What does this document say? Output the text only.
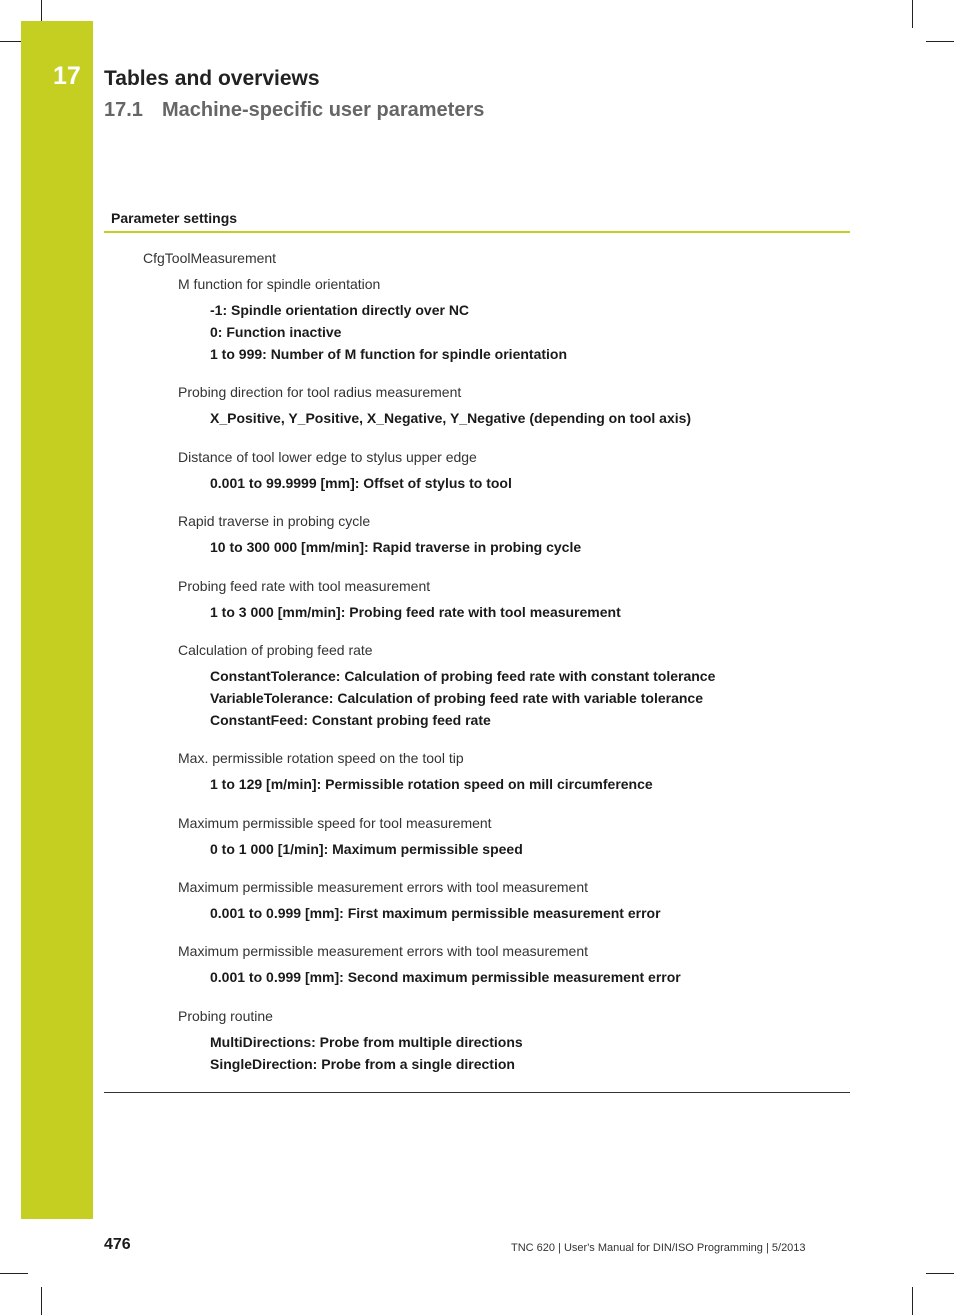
17 Tables and overviews
17.1 Machine-specific user parameters
Parameter settings
CfgToolMeasurement
M function for spindle orientation
-1: Spindle orientation directly over NC
0: Function inactive
1 to 999: Number of M function for spindle orientation
Probing direction for tool radius measurement
X_Positive, Y_Positive, X_Negative, Y_Negative (depending on tool axis)
Distance of tool lower edge to stylus upper edge
0.001 to 99.9999 [mm]: Offset of stylus to tool
Rapid traverse in probing cycle
10 to 300 000 [mm/min]: Rapid traverse in probing cycle
Probing feed rate with tool measurement
1 to 3 000 [mm/min]: Probing feed rate with tool measurement
Calculation of probing feed rate
ConstantTolerance: Calculation of probing feed rate with constant tolerance
VariableTolerance: Calculation of probing feed rate with variable tolerance
ConstantFeed: Constant probing feed rate
Max. permissible rotation speed on the tool tip
1 to 129 [m/min]: Permissible rotation speed on mill circumference
Maximum permissible speed for tool measurement
0 to 1 000 [1/min]: Maximum permissible speed
Maximum permissible measurement errors with tool measurement
0.001 to 0.999 [mm]: First maximum permissible measurement error
Maximum permissible measurement errors with tool measurement
0.001 to 0.999 [mm]: Second maximum permissible measurement error
Probing routine
MultiDirections: Probe from multiple directions
SingleDirection: Probe from a single direction
476	TNC 620 | User's Manual for DIN/ISO Programming | 5/2013
